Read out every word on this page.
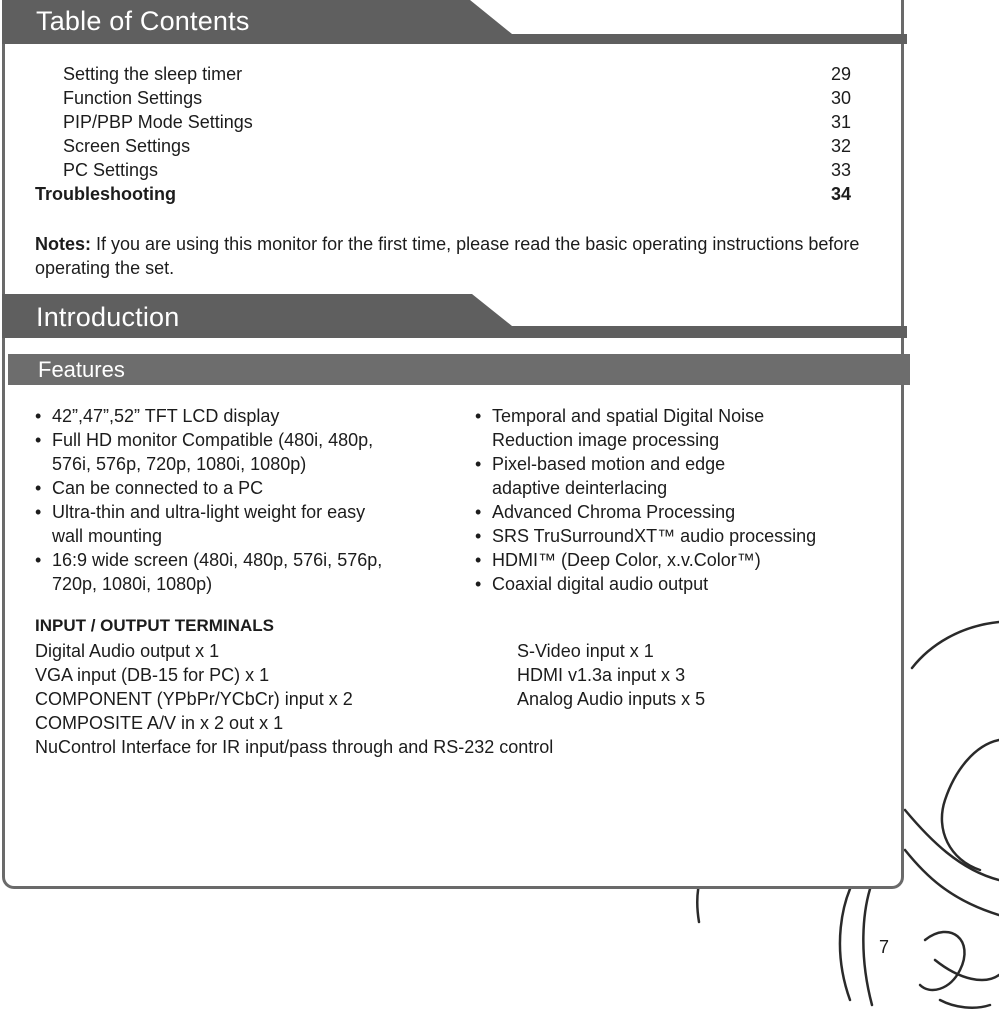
Table of Contents
Setting the sleep timer	29
Function Settings	30
PIP/PBP Mode Settings	31
Screen Settings	32
PC Settings	33
Troubleshooting	34
Notes: If you are using this monitor for the first time, please read the basic operating instructions before operating the set.
Introduction
Features
• 42”,47”,52” TFT LCD display
• Full HD monitor Compatible (480i, 480p,
576i, 576p, 720p, 1080i, 1080p)
• Can be connected to a PC
• Ultra-thin and ultra-light weight for easy
wall mounting
• 16:9 wide screen (480i, 480p, 576i, 576p,
720p, 1080i, 1080p)
• Temporal and spatial Digital Noise
Reduction image processing
• Pixel-based motion and edge
adaptive deinterlacing
• Advanced Chroma Processing
• SRS TruSurroundXT™ audio processing
• HDMI™ (Deep Color, x.v.Color™)
• Coaxial digital audio output
INPUT / OUTPUT TERMINALS
Digital Audio output x 1
VGA input (DB-15 for PC) x 1
COMPONENT (YPbPr/YCbCr) input x 2
COMPOSITE A/V in x 2 out x 1
NuControl Interface for IR input/pass through and RS-232 control
S-Video input x 1
HDMI v1.3a input x 3
Analog Audio inputs x 5
7
